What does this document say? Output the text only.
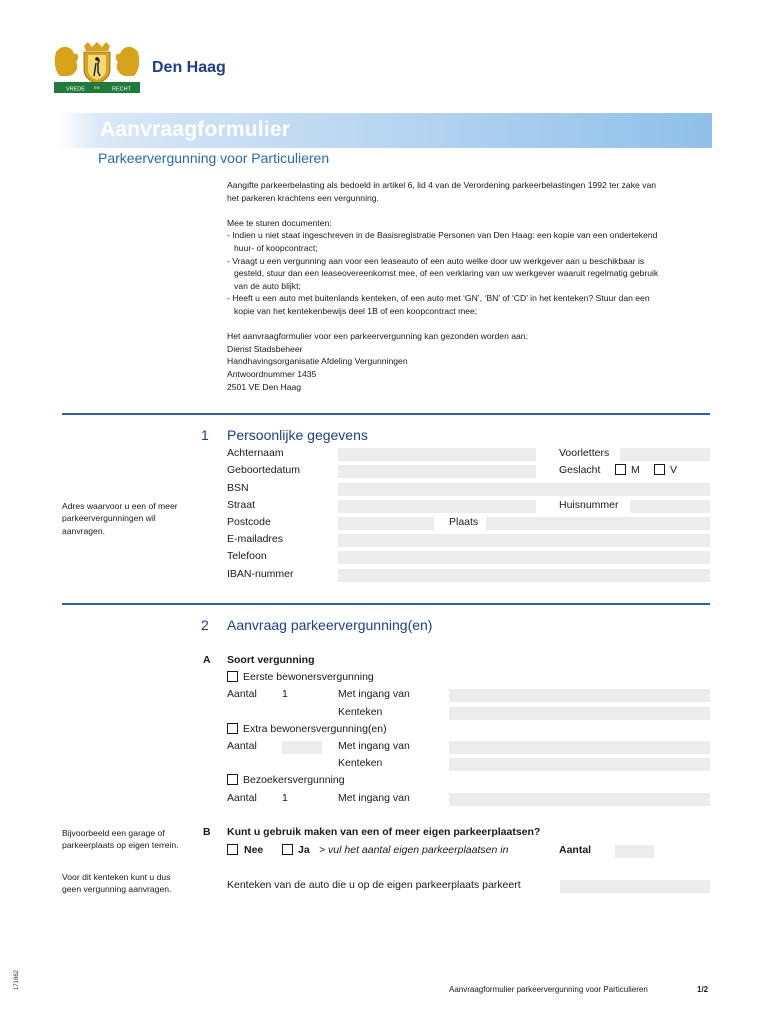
VREDE EN RECHT
Den Haag
Aanvraagformulier
Parkeervergunning voor Particulieren

Aangifte parkeerbelasting als bedoeld in artikel 6, lid 4 van de Verordening parkeerbelastingen 1992 ter zake van

het parkeren krachtens een vergunning.

Mee te sturen documenten:

- Indien u niet staat ingeschreven in de Basisregistratie Personen van Den Haag: een kopie van een ondertekend

huur- of koopcontract;

- Vraagt u een vergunning aan voor een leaseauto of een auto welke door uw werkgever aan u beschikbaar is

gesteld, stuur dan een leaseovereenkomst mee, of een verklaring van uw werkgever waaruit regelmatig gebruik

van de auto blijkt;

- Heeft u een auto met buitenlands kenteken, of een auto met ‘GN’, ‘BN’ of ‘CD’ in het kenteken? Stuur dan een

kopie van het kentekenbewijs deel 1B of een koopcontract mee;

Het aanvraagformulier voor een parkeervergunning kan gezonden worden aan:

Dienst Stadsbeheer

Handhavingsorganisatie Afdeling Vergunningen

Antwoordnummer 1435

2501 VE Den Haag

1 Persoonlijke gegevens
Adres waarvoor u een of meer
parkeervergunningen wil
aanvragen.
Achternaam	Voorletters
Geboortedatum	Geslacht	M	V
BSN
Straat	Huisnummer
Postcode	Plaats
E-mailadres
Telefoon
IBAN-nummer
2 Aanvraag parkeervergunning(en)
A Soort vergunning
Eerste bewonersvergunning
Aantal 1	Met ingang van
Kenteken
Extra bewonersvergunning(en)
Aantal	Met ingang van
Kenteken
Bezoekersvergunning
Aantal 1	Met ingang van
Bijvoorbeeld een garage of
parkeerplaats op eigen terrein.
B Kunt u gebruik maken van een of meer eigen parkeerplaatsen?
Nee	Ja > vul het aantal eigen parkeerplaatsen in	Aantal
Voor dit kenteken kunt u dus
geen vergunning aanvragen.	Kenteken van de auto die u op de eigen parkeerplaats parkeert
171862	Aanvraagformulier parkeervergunning voor Particulieren	1/2
